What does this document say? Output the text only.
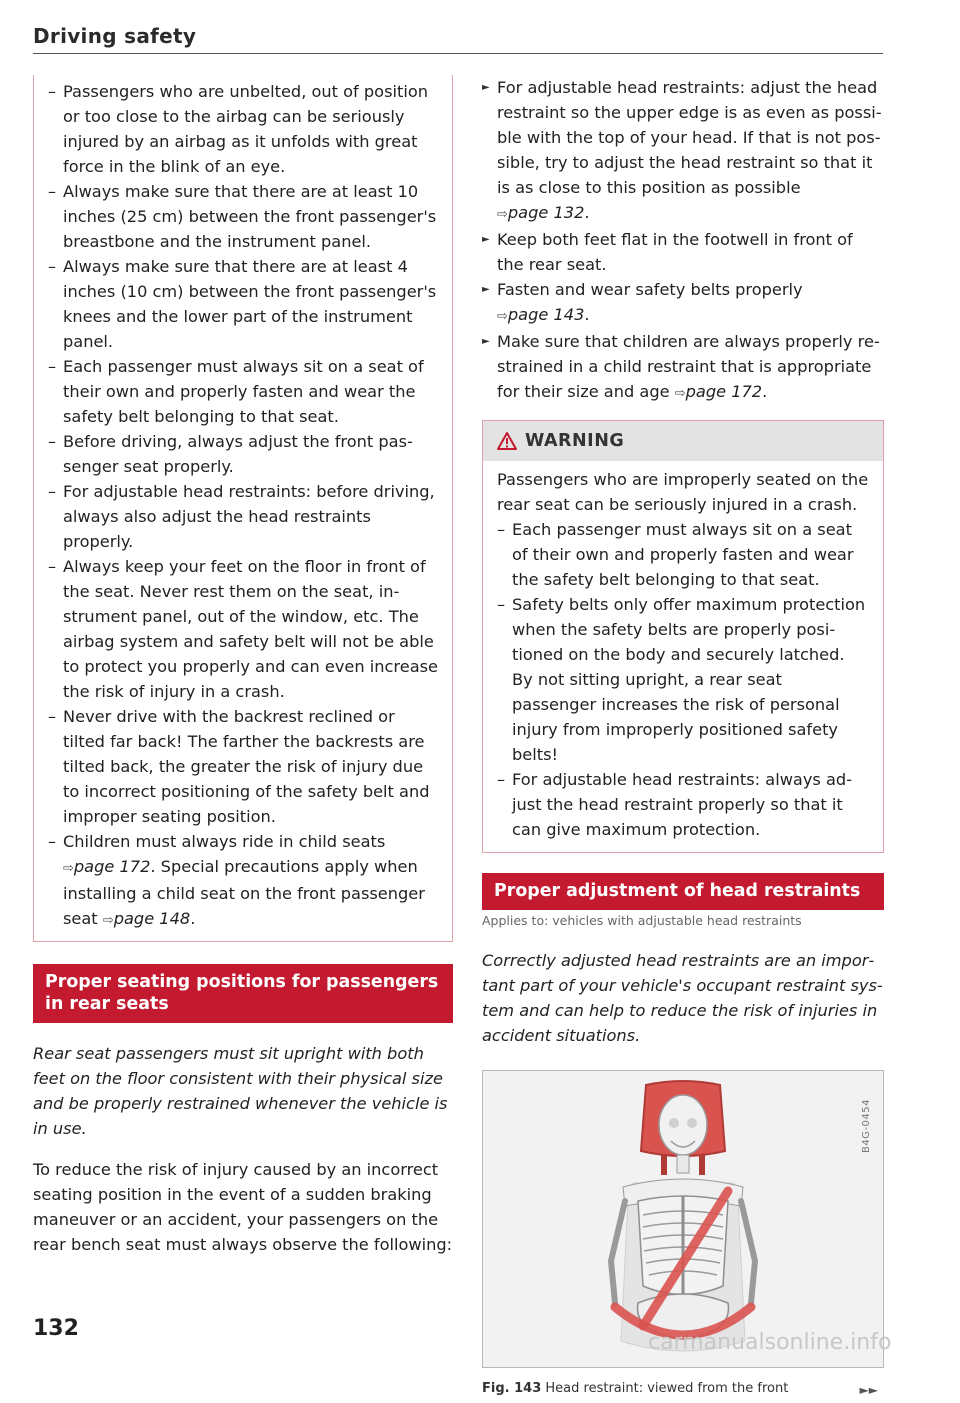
Driving safety
– Passengers who are unbelted, out of position or too close to the airbag can be seriously injured by an airbag as it unfolds with great force in the blink of an eye.
– Always make sure that there are at least 10 inches (25 cm) between the front passenger's breastbone and the instrument panel.
– Always make sure that there are at least 4 inches (10 cm) between the front passenger's knees and the lower part of the instrument panel.
– Each passenger must always sit on a seat of their own and properly fasten and wear the safety belt belonging to that seat.
– Before driving, always adjust the front passenger seat properly.
– For adjustable head restraints: before driving, always also adjust the head restraints properly.
– Always keep your feet on the floor in front of the seat. Never rest them on the seat, instrument panel, out of the window, etc. The airbag system and safety belt will not be able to protect you properly and can even increase the risk of injury in a crash.
– Never drive with the backrest reclined or tilted far back! The farther the backrests are tilted back, the greater the risk of injury due to incorrect positioning of the safety belt and improper seating position.
– Children must always ride in child seats ⇨page 172. Special precautions apply when installing a child seat on the front passenger seat ⇨page 148.
Proper seating positions for passengers in rear seats
Rear seat passengers must sit upright with both feet on the floor consistent with their physical size and be properly restrained whenever the vehicle is in use.
To reduce the risk of injury caused by an incorrect seating position in the event of a sudden braking maneuver or an accident, your passengers on the rear bench seat must always observe the following:
132
► For adjustable head restraints: adjust the head restraint so the upper edge is as even as possible with the top of your head. If that is not possible, try to adjust the head restraint so that it is as close to this position as possible ⇨page 132.
► Keep both feet flat in the footwell in front of the rear seat.
► Fasten and wear safety belts properly ⇨page 143.
► Make sure that children are always properly restrained in a child restraint that is appropriate for their size and age ⇨page 172.
WARNING
Passengers who are improperly seated on the rear seat can be seriously injured in a crash.
– Each passenger must always sit on a seat of their own and properly fasten and wear the safety belt belonging to that seat.
– Safety belts only offer maximum protection when the safety belts are properly positioned on the body and securely latched. By not sitting upright, a rear seat passenger increases the risk of personal injury from improperly positioned safety belts!
– For adjustable head restraints: always adjust the head restraint properly so that it can give maximum protection.
Proper adjustment of head restraints
Applies to: vehicles with adjustable head restraints
Correctly adjusted head restraints are an important part of your vehicle's occupant restraint system and can help to reduce the risk of injuries in accident situations.
B4G-0454
Fig. 143 Head restraint: viewed from the front	►►
carmanualsonline.info
